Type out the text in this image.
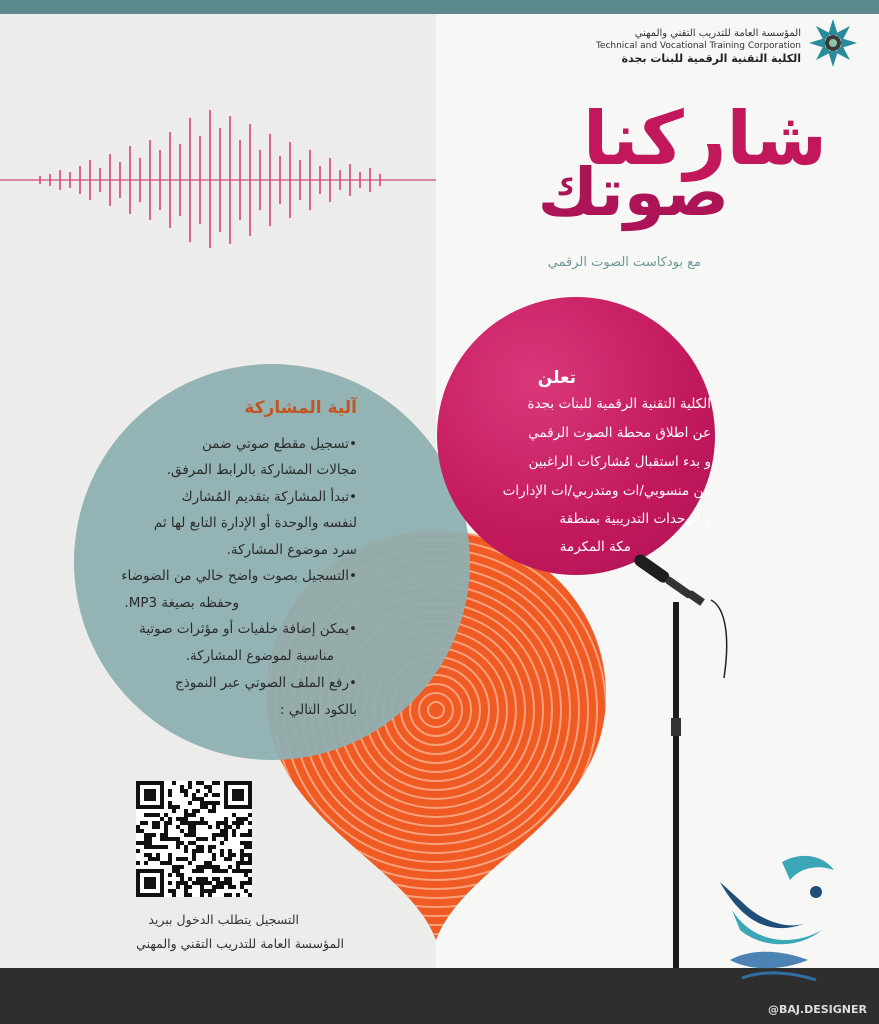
المؤسسة العامة للتدريب التقني والمهني
Technical and Vocational Training Corporation
الكلية التقنية الرقمية للبنات بجدة
شاركنا
صوتك
مع بودكاست الصوت الرقمي
تعلن
الكلية التقنية الرقمية للبنات بجدة
عن اطلاق محطة الصوت الرقمي
و بدء استقبال مُشاركات الراغبين
من منسوبي/ات ومتدربي/ات الإدارات
و الوحدات التدريبية بمنطقة
مكة المكرمة
آلية المشاركة
•تسجيل مقطع صوتي ضمن
مجالات المشاركة بالرابط المرفق.
•تبدأ المشاركة بتقديم المُشارك
لنفسه والوحدة أو الإدارة التابع لها ثم
سرد موضوع المشاركة.
•التسجيل بصوت واضح خالي من الضوضاء
وحفظه بصيغة MP3.
•يمكن إضافة خلفيات أو مؤثرات صوتية
مناسبة لموضوع المشاركة.
•رفع الملف الصوتي عبر النموذج
بالكود التالي :
التسجيل يتطلب الدخول ببريد
المؤسسة العامة للتدريب التقني والمهني
@BAJ.DESIGNER
